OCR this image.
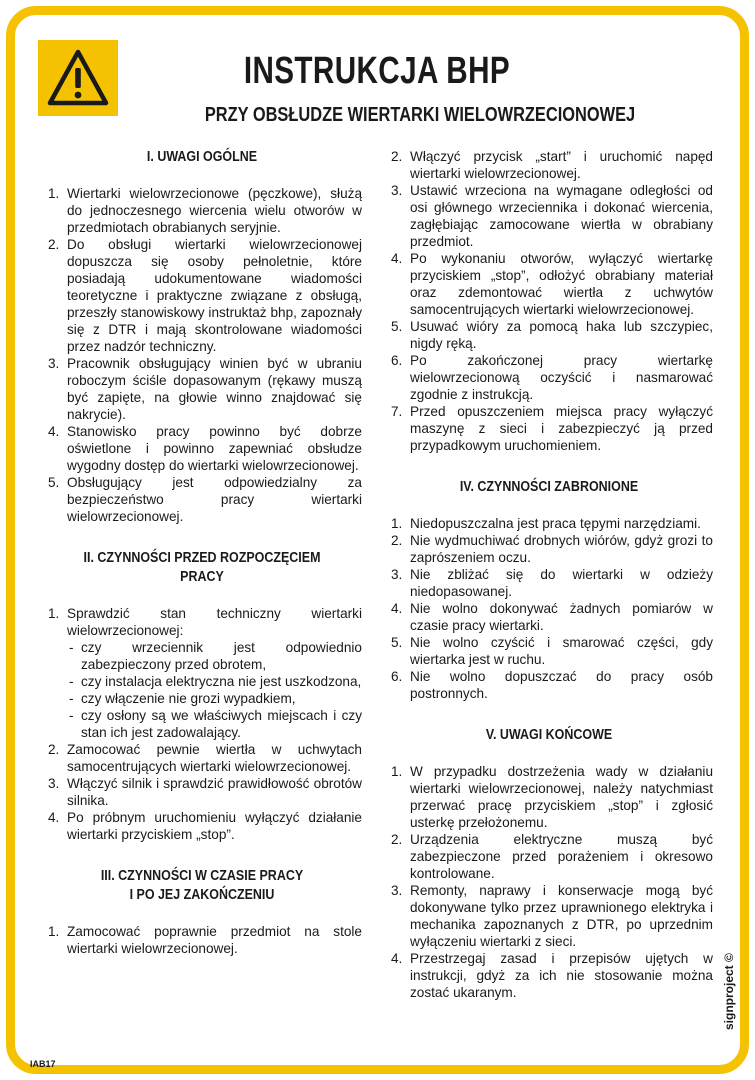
INSTRUKCJA BHP
PRZY OBSŁUDZE WIERTARKI WIELOWRZECIONOWEJ
I. UWAGI OGÓLNE
1. Wiertarki wielowrzecionowe (pęczkowe), służą do jednoczesnego wiercenia wielu otworów w przedmiotach obrabianych seryjnie.
2. Do obsługi wiertarki wielowrzecionowej dopuszcza się osoby pełnoletnie, które posiadają udokumentowane wiadomości teoretyczne i praktyczne związane z obsługą, przeszły stanowiskowy instruktaż bhp, zapoznały się z DTR i mają skontrolowane wiadomości przez nadzór techniczny.
3. Pracownik obsługujący winien być w ubraniu roboczym ściśle dopasowanym (rękawy muszą być zapięte, na głowie winno znajdować się nakrycie).
4. Stanowisko pracy powinno być dobrze oświetlone i powinno zapewniać obsłudze wygodny dostęp do wiertarki wielowrzecionowej.
5. Obsługujący jest odpowiedzialny za bezpieczeństwo pracy wiertarki wielowrzecionowej.
II. CZYNNOŚCI PRZED ROZPOCZĘCIEM PRACY
1. Sprawdzić stan techniczny wiertarki wielowrzecionowej:
- czy wrzeciennik jest odpowiednio zabezpieczony przed obrotem,
- czy instalacja elektryczna nie jest uszkodzona,
- czy włączenie nie grozi wypadkiem,
- czy osłony są we właściwych miejscach i czy stan ich jest zadowalający.
2. Zamocować pewnie wiertła w uchwytach samocentrujących wiertarki wielowrzecionowej.
3. Włączyć silnik i sprawdzić prawidłowość obrotów silnika.
4. Po próbnym uruchomieniu wyłączyć działanie wiertarki przyciskiem „stop”.
III. CZYNNOŚCI W CZASIE PRACY
I PO JEJ ZAKOŃCZENIU
1. Zamocować poprawnie przedmiot na stole wiertarki wielowrzecionowej.
2. Włączyć przycisk „start” i uruchomić napęd wiertarki wielowrzecionowej.
3. Ustawić wrzeciona na wymagane odległości od osi głównego wrzeciennika i dokonać wiercenia, zagłębiając zamocowane wiertła w obrabiany przedmiot.
4. Po wykonaniu otworów, wyłączyć wiertarkę przyciskiem „stop”, odłożyć obrabiany materiał oraz zdemontować wiertła z uchwytów samocentrujących wiertarki wielowrzecionowej.
5. Usuwać wióry za pomocą haka lub szczypiec, nigdy ręką.
6. Po zakończonej pracy wiertarkę wielowrzecionową oczyścić i nasmarować zgodnie z instrukcją.
7. Przed opuszczeniem miejsca pracy wyłączyć maszynę z sieci i zabezpieczyć ją przed przypadkowym uruchomieniem.
IV. CZYNNOŚCI ZABRONIONE
1. Niedopuszczalna jest praca tępymi narzędziami.
2. Nie wydmuchiwać drobnych wiórów, gdyż grozi to zaprószeniem oczu.
3. Nie zbliżać się do wiertarki w odzieży niedopasowanej.
4. Nie wolno dokonywać żadnych pomiarów w czasie pracy wiertarki.
5. Nie wolno czyścić i smarować części, gdy wiertarka jest w ruchu.
6. Nie wolno dopuszczać do pracy osób postronnych.
V. UWAGI KOŃCOWE
1. W przypadku dostrzeżenia wady w działaniu wiertarki wielowrzecionowej, należy natychmiast przerwać pracę przyciskiem „stop” i zgłosić usterkę przełożonemu.
2. Urządzenia elektryczne muszą być zabezpieczone przed porażeniem i okresowo kontrolowane.
3. Remonty, naprawy i konserwacje mogą być dokonywane tylko przez uprawnionego elektryka i mechanika zapoznanych z DTR, po uprzednim wyłączeniu wiertarki z sieci.
4. Przestrzegaj zasad i przepisów ujętych w instrukcji, gdyż za ich nie stosowanie można zostać ukaranym.
IAB17
signproject ©
